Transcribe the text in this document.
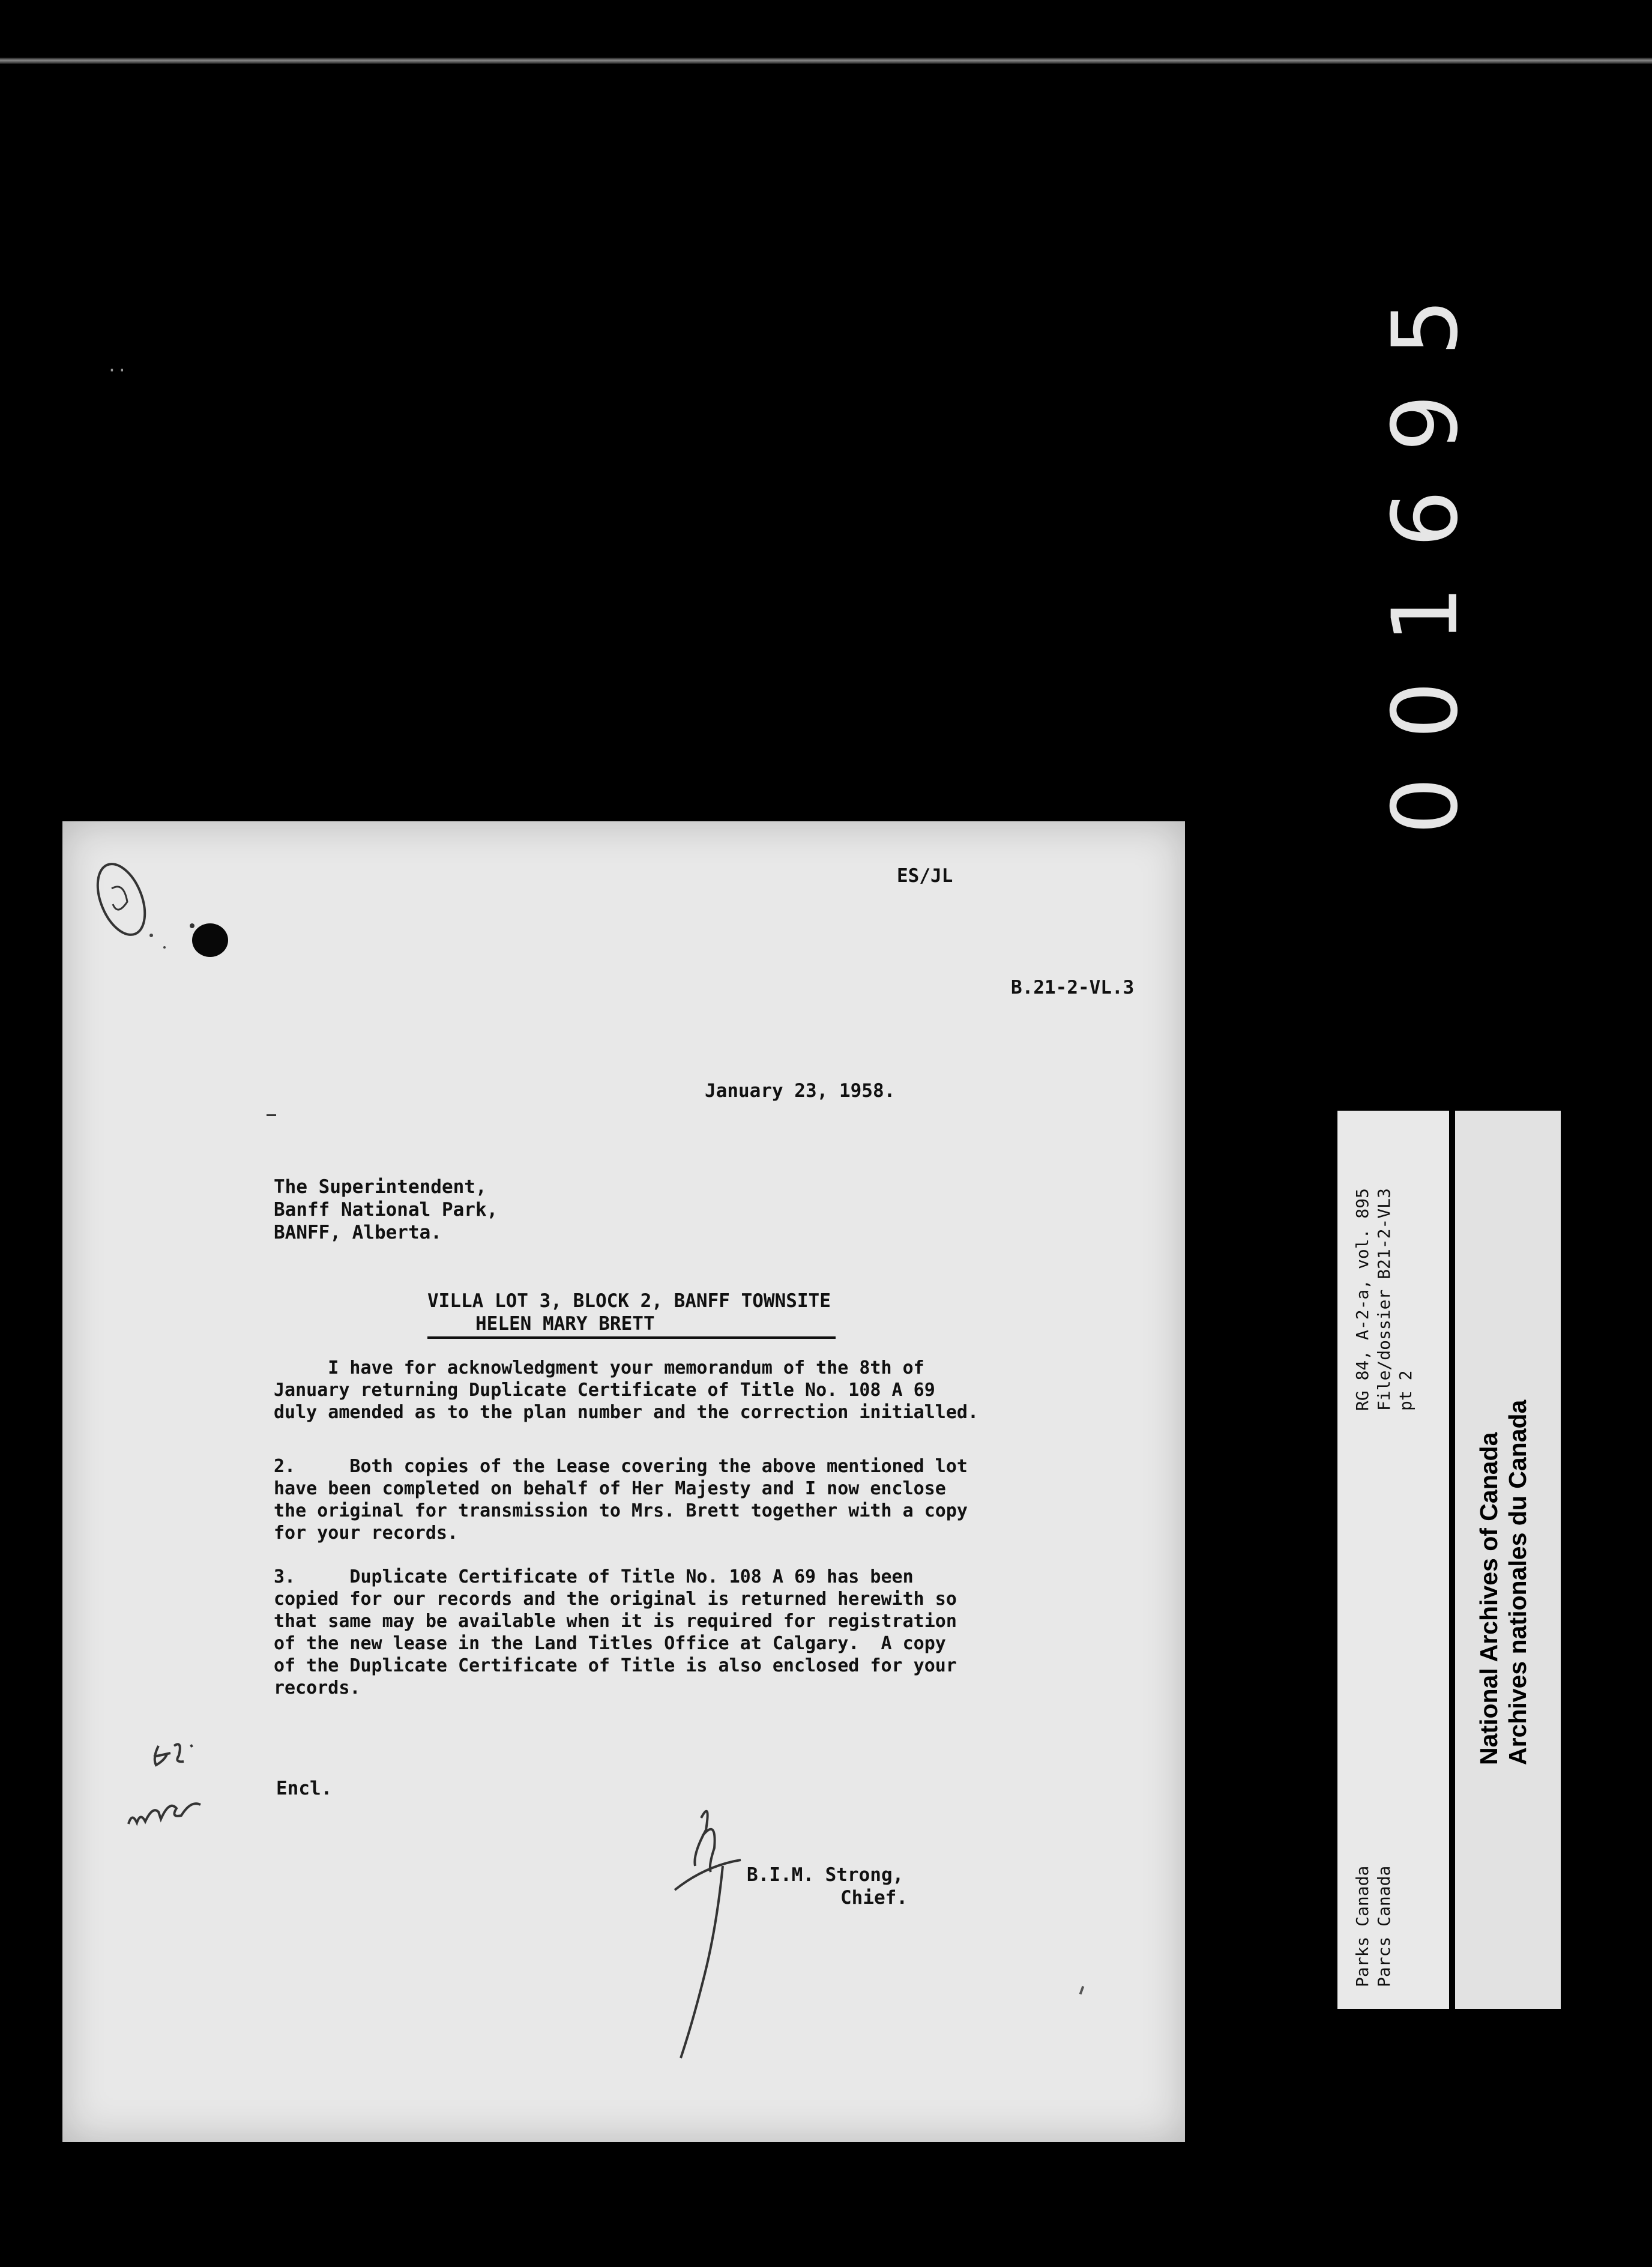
001695
··
ES/JL
B.21-2-VL.3
January 23, 1958.
The Superintendent,
Banff National Park,
BANFF, Alberta.
VILLA LOT 3, BLOCK 2, BANFF TOWNSITE
HELEN MARY BRETT
I have for acknowledgment your memorandum of the 8th of
January returning Duplicate Certificate of Title No. 108 A 69
duly amended as to the plan number and the correction initialled.
2.     Both copies of the Lease covering the above mentioned lot
have been completed on behalf of Her Majesty and I now enclose
the original for transmission to Mrs. Brett together with a copy
for your records.
3.     Duplicate Certificate of Title No. 108 A 69 has been
copied for our records and the original is returned herewith so
that same may be available when it is required for registration
of the new lease in the Land Titles Office at Calgary.  A copy
of the Duplicate Certificate of Title is also enclosed for your
records.
Encl.
B.I.M. Strong,
Chief.	Parks Canada Parcs Canada
RG 84, A-2-a, vol. 895 File/dossier B21-2-VL3 pt 2
National Archives of Canada Archives nationales du Canada
